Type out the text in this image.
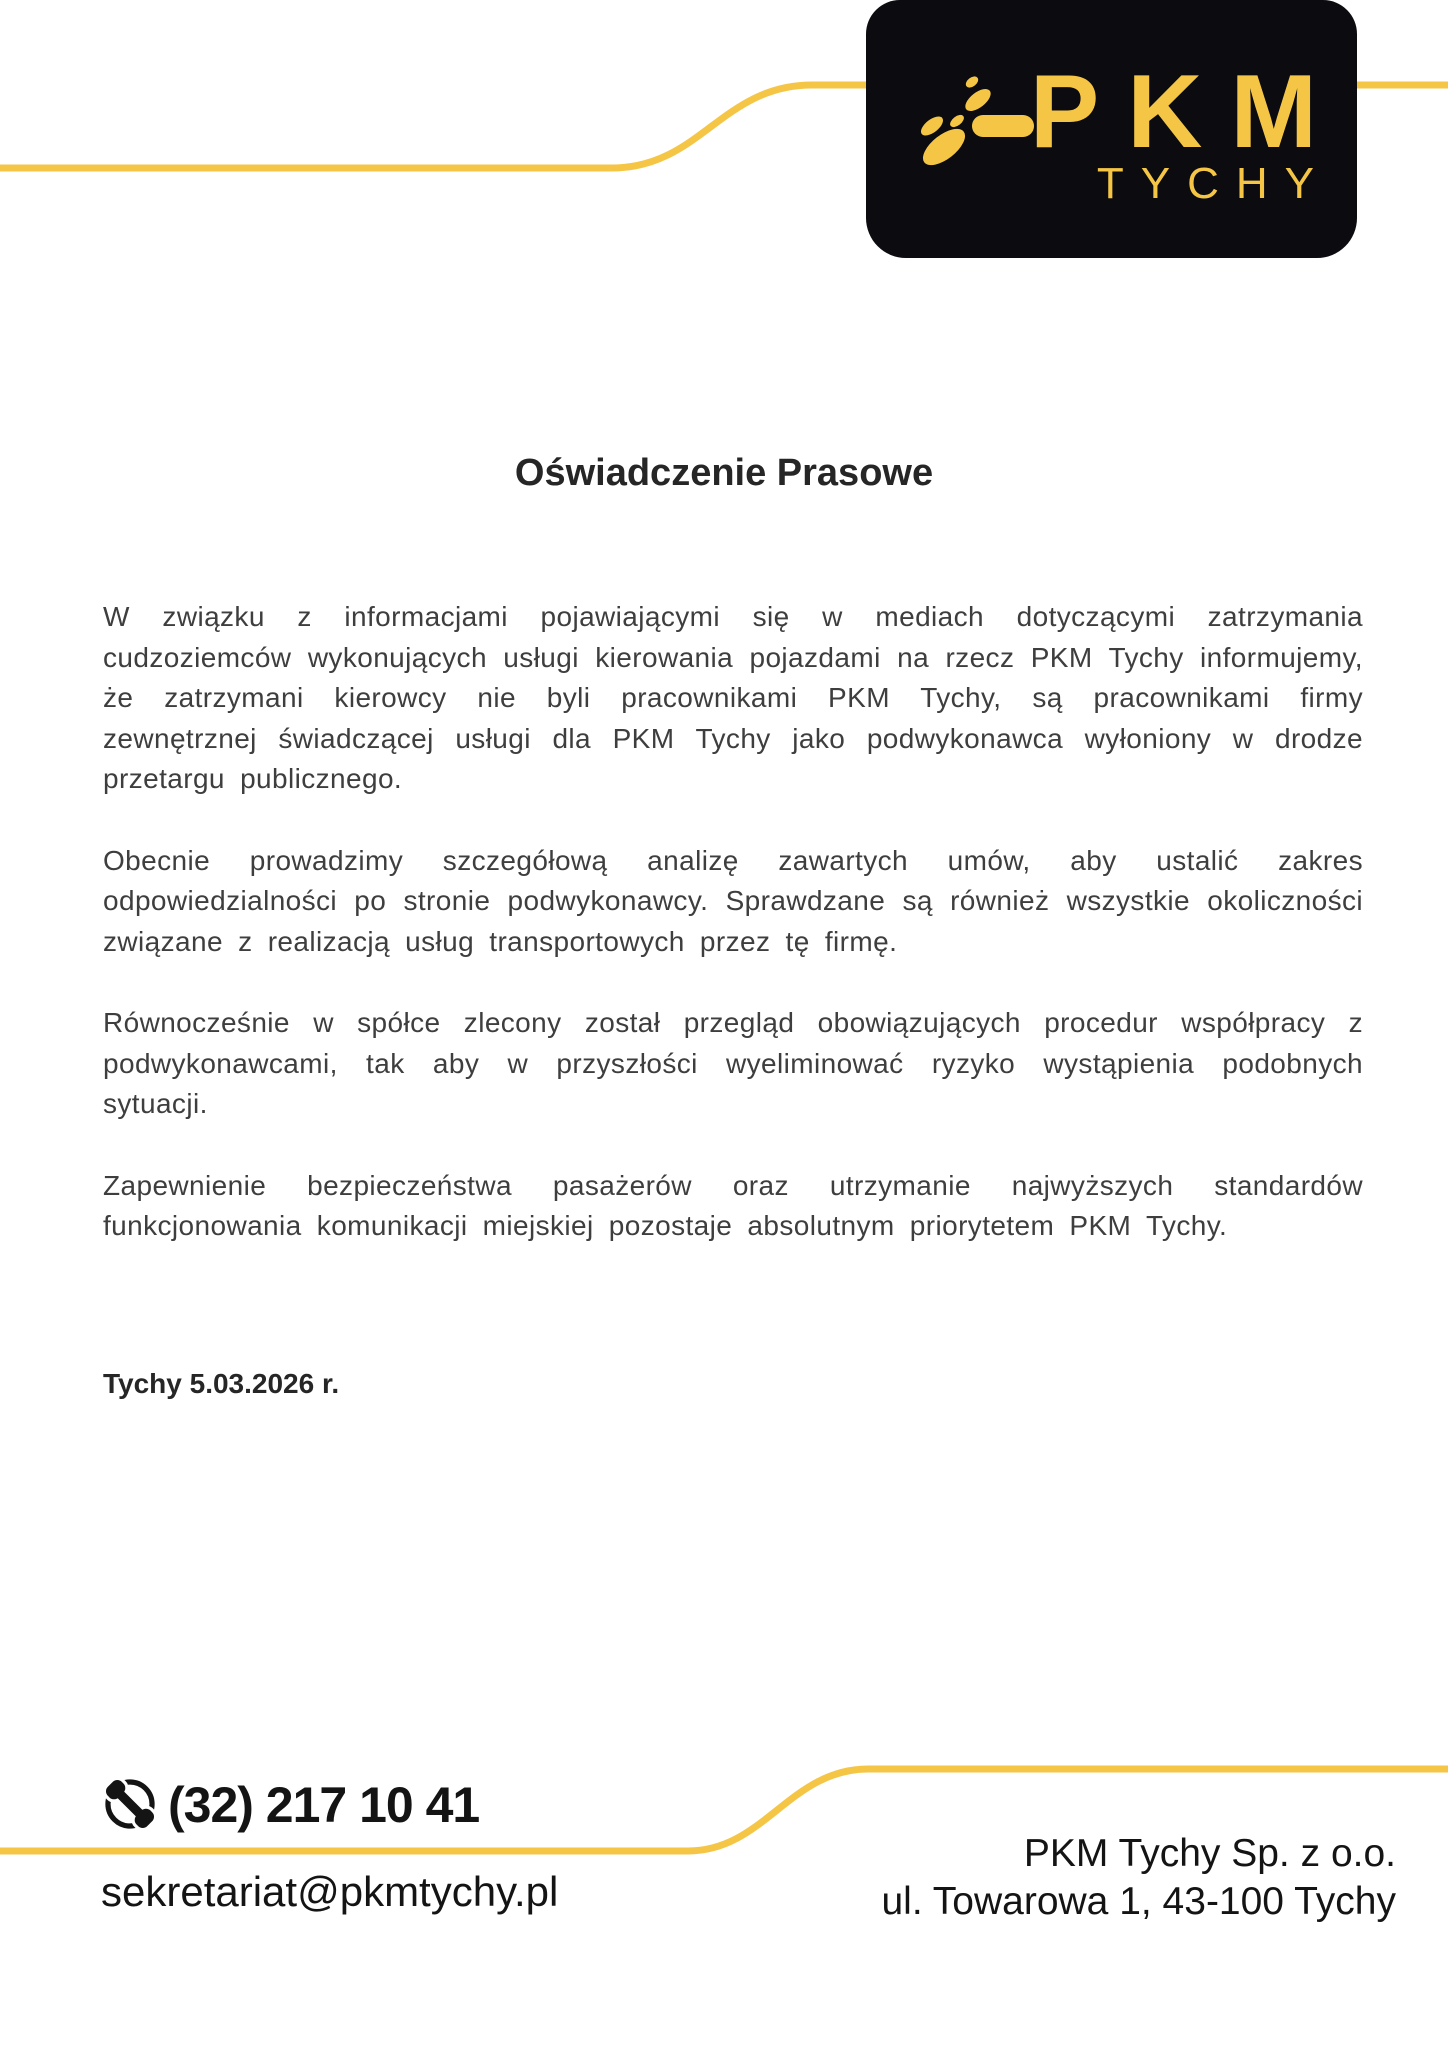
PKM
TYCHY
Oświadczenie Prasowe

W związku z informacjami pojawiającymi się w mediach dotyczącymi zatrzymania cudzoziemców wykonujących usługi kierowania pojazdami na rzecz PKM Tychy informujemy, że zatrzymani kierowcy nie byli pracownikami PKM Tychy, są pracownikami firmy zewnętrznej świadczącej usługi dla PKM Tychy jako podwykonawca wyłoniony w drodze przetargu publicznego.

Obecnie prowadzimy szczegółową analizę zawartych umów, aby ustalić zakres odpowiedzialności po stronie podwykonawcy. Sprawdzane są również wszystkie okoliczności związane z realizacją usług transportowych przez tę firmę.

Równocześnie w spółce zlecony został przegląd obowiązujących procedur współpracy z podwykonawcami, tak aby w przyszłości wyeliminować ryzyko wystąpienia podobnych sytuacji.

Zapewnienie bezpieczeństwa pasażerów oraz utrzymanie najwyższych standardów funkcjonowania komunikacji miejskiej pozostaje absolutnym priorytetem PKM Tychy.

Tychy 5.03.2026 r.
(32) 217 10 41
sekretariat@pkmtychy.pl
PKM Tychy Sp. z o.o.
ul. Towarowa 1, 43-100 Tychy
